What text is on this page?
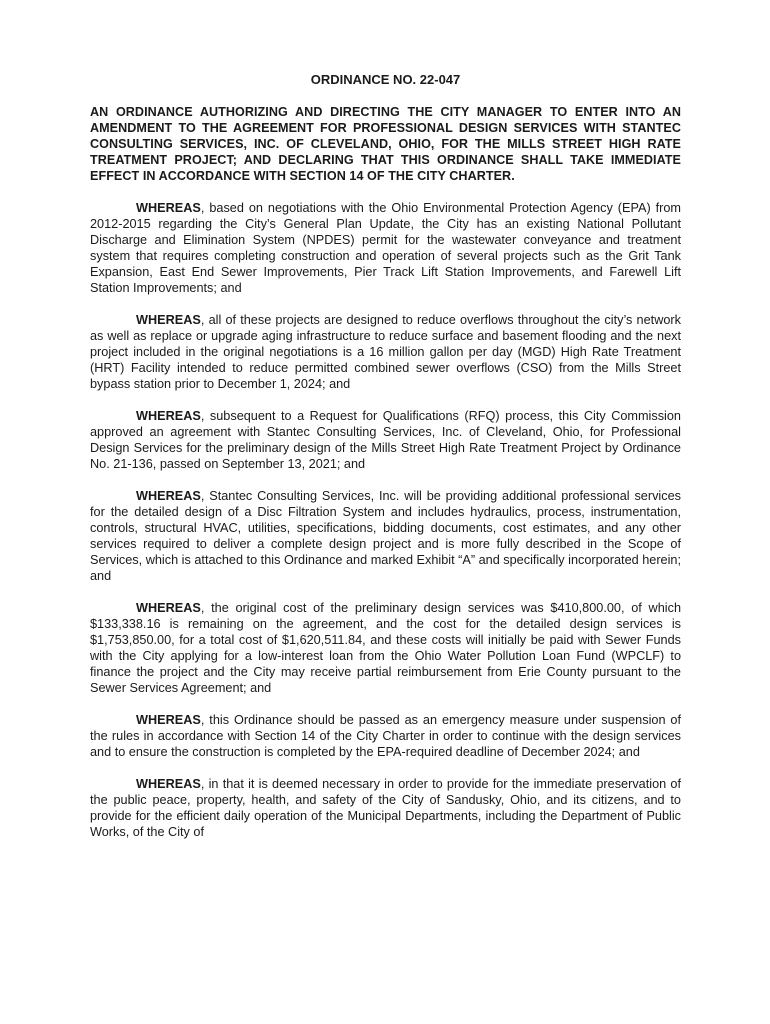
ORDINANCE NO. 22-047
AN ORDINANCE AUTHORIZING AND DIRECTING THE CITY MANAGER TO ENTER INTO AN AMENDMENT TO THE AGREEMENT FOR PROFESSIONAL DESIGN SERVICES WITH STANTEC CONSULTING SERVICES, INC. OF CLEVELAND, OHIO, FOR THE MILLS STREET HIGH RATE TREATMENT PROJECT; AND DECLARING THAT THIS ORDINANCE SHALL TAKE IMMEDIATE EFFECT IN ACCORDANCE WITH SECTION 14 OF THE CITY CHARTER.

WHEREAS, based on negotiations with the Ohio Environmental Protection Agency (EPA) from 2012-2015 regarding the City’s General Plan Update, the City has an existing National Pollutant Discharge and Elimination System (NPDES) permit for the wastewater conveyance and treatment system that requires completing construction and operation of several projects such as the Grit Tank Expansion, East End Sewer Improvements, Pier Track Lift Station Improvements, and Farewell Lift Station Improvements; and

WHEREAS, all of these projects are designed to reduce overflows throughout the city’s network as well as replace or upgrade aging infrastructure to reduce surface and basement flooding and the next project included in the original negotiations is a 16 million gallon per day (MGD) High Rate Treatment (HRT) Facility intended to reduce permitted combined sewer overflows (CSO) from the Mills Street bypass station prior to December 1, 2024; and

WHEREAS, subsequent to a Request for Qualifications (RFQ) process, this City Commission approved an agreement with Stantec Consulting Services, Inc. of Cleveland, Ohio, for Professional Design Services for the preliminary design of the Mills Street High Rate Treatment Project by Ordinance No. 21-136, passed on September 13, 2021; and

WHEREAS, Stantec Consulting Services, Inc. will be providing additional professional services for the detailed design of a Disc Filtration System and includes hydraulics, process, instrumentation, controls, structural HVAC, utilities, specifications, bidding documents, cost estimates, and any other services required to deliver a complete design project and is more fully described in the Scope of Services, which is attached to this Ordinance and marked Exhibit “A” and specifically incorporated herein; and

WHEREAS, the original cost of the preliminary design services was $410,800.00, of which $133,338.16 is remaining on the agreement, and the cost for the detailed design services is $1,753,850.00, for a total cost of $1,620,511.84, and these costs will initially be paid with Sewer Funds with the City applying for a low-interest loan from the Ohio Water Pollution Loan Fund (WPCLF) to finance the project and the City may receive partial reimbursement from Erie County pursuant to the Sewer Services Agreement; and

WHEREAS, this Ordinance should be passed as an emergency measure under suspension of the rules in accordance with Section 14 of the City Charter in order to continue with the design services and to ensure the construction is completed by the EPA-required deadline of December 2024; and

WHEREAS, in that it is deemed necessary in order to provide for the immediate preservation of the public peace, property, health, and safety of the City of Sandusky, Ohio, and its citizens, and to provide for the efficient daily operation of the Municipal Departments, including the Department of Public Works, of the City of
